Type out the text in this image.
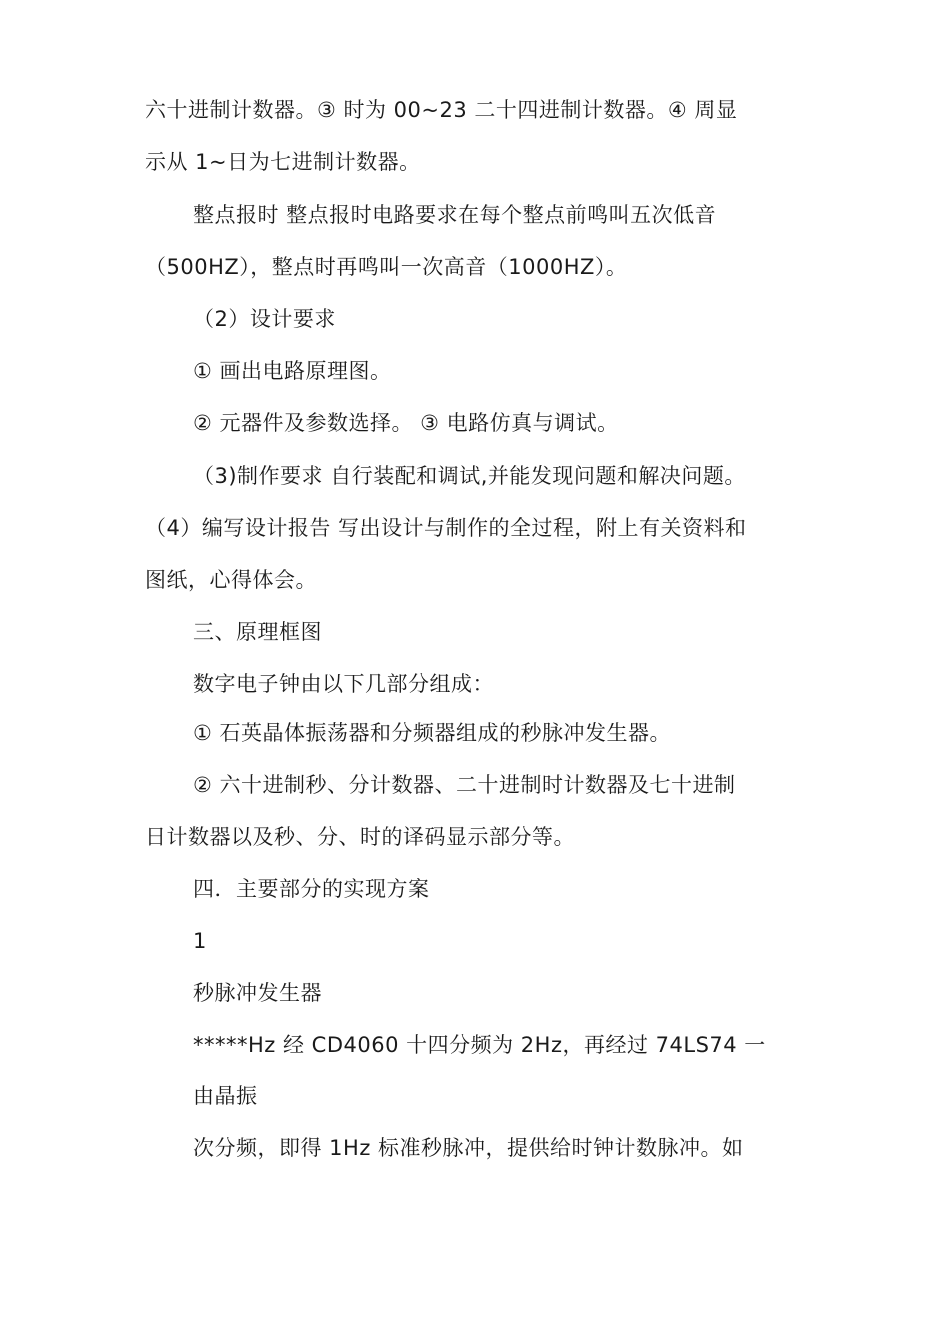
六十进制计数器。③ 时为 00~23 二十四进制计数器。④ 周显
示从 1~日为七进制计数器。
整点报时 整点报时电路要求在每个整点前鸣叫五次低音
（500HZ），整点时再鸣叫一次高音（1000HZ）。
（2）设计要求
① 画出电路原理图。
② 元器件及参数选择。 ③ 电路仿真与调试。
（3)制作要求 自行装配和调试,并能发现问题和解决问题。
（4）编写设计报告 写出设计与制作的全过程，附上有关资料和
图纸，心得体会。
三、原理框图
数字电子钟由以下几部分组成：
① 石英晶体振荡器和分频器组成的秒脉冲发生器。
② 六十进制秒、分计数器、二十进制时计数器及七十进制
日计数器以及秒、分、时的译码显示部分等。
四．主要部分的实现方案
1
秒脉冲发生器
*****Hz 经 CD4060 十四分频为 2Hz，再经过 74LS74 一
由晶振
次分频，即得 1Hz 标准秒脉冲，提供给时钟计数脉冲。如
